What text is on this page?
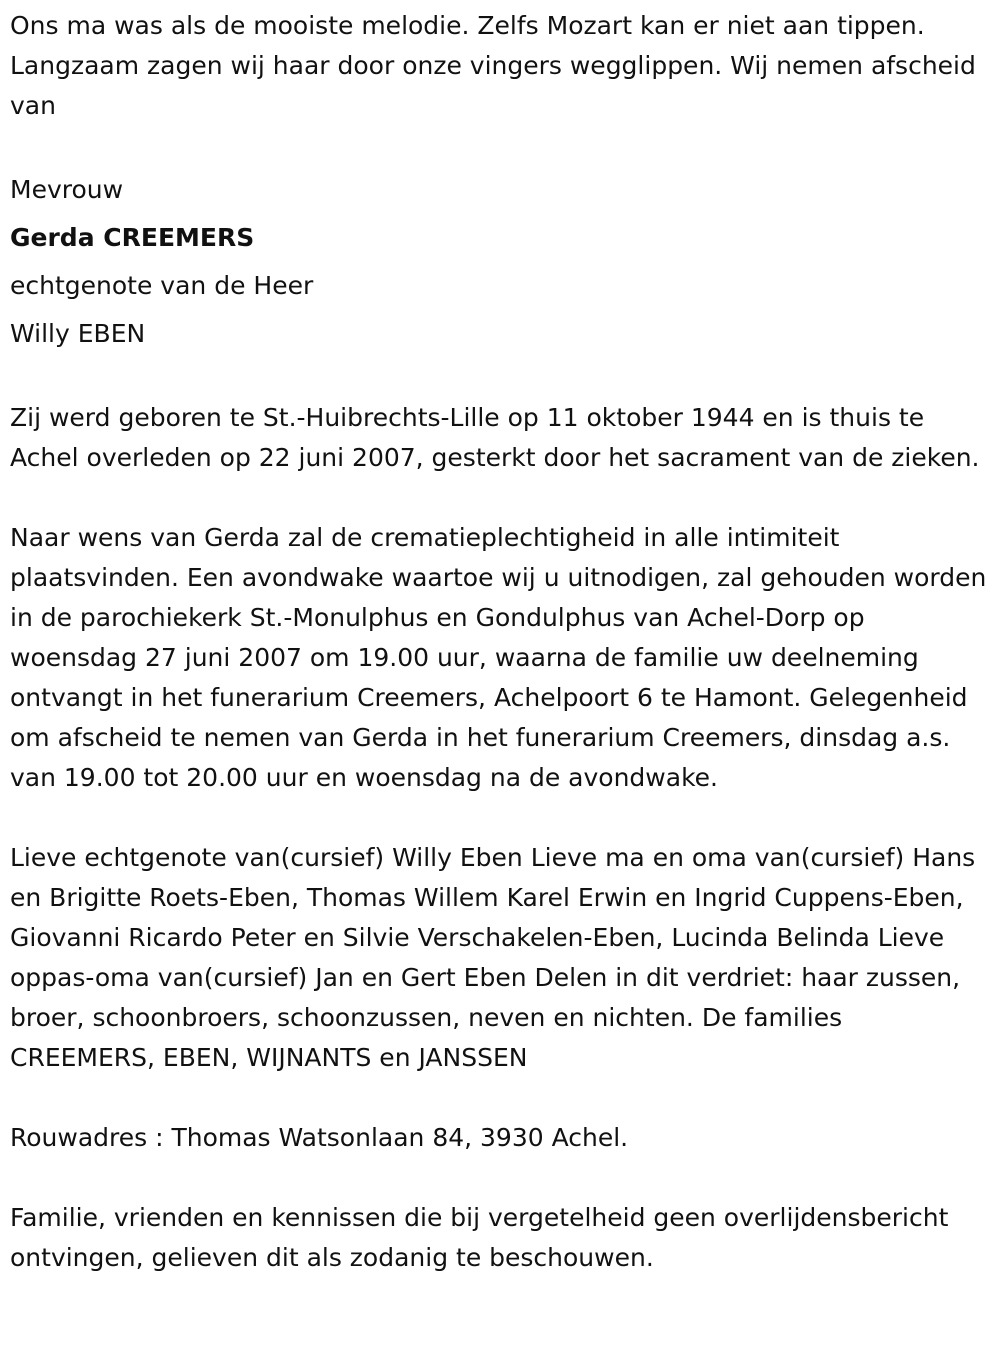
Ons ma was als de mooiste melodie. Zelfs Mozart kan er niet aan tippen. Langzaam zagen wij haar door onze vingers wegglippen. Wij nemen afscheid van

Mevrouw

Gerda CREEMERS

echtgenote van de Heer

Willy EBEN

Zij werd geboren te St.-Huibrechts-Lille op 11 oktober 1944 en is thuis te Achel overleden op 22 juni 2007, gesterkt door het sacrament van de zieken.

Naar wens van Gerda zal de crematieplechtigheid in alle intimiteit plaatsvinden. Een avondwake waartoe wij u uitnodigen, zal gehouden worden in de parochiekerk St.-Monulphus en Gondulphus van Achel-Dorp op woensdag 27 juni 2007 om 19.00 uur, waarna de familie uw deelneming ontvangt in het funerarium Creemers, Achelpoort 6 te Hamont. Gelegenheid om afscheid te nemen van Gerda in het funerarium Creemers, dinsdag a.s. van 19.00 tot 20.00 uur en woensdag na de avondwake.

Lieve echtgenote van(cursief) Willy Eben Lieve ma en oma van(cursief) Hans en Brigitte Roets-Eben, Thomas Willem Karel Erwin en Ingrid Cuppens-Eben, Giovanni Ricardo Peter en Silvie Verschakelen-Eben, Lucinda Belinda Lieve oppas-oma van(cursief) Jan en Gert Eben Delen in dit verdriet: haar zussen, broer, schoonbroers, schoonzussen, neven en nichten. De families CREEMERS, EBEN, WIJNANTS en JANSSEN

Rouwadres : Thomas Watsonlaan 84, 3930 Achel.

Familie, vrienden en kennissen die bij vergetelheid geen overlijdensbericht ontvingen, gelieven dit als zodanig te beschouwen.
